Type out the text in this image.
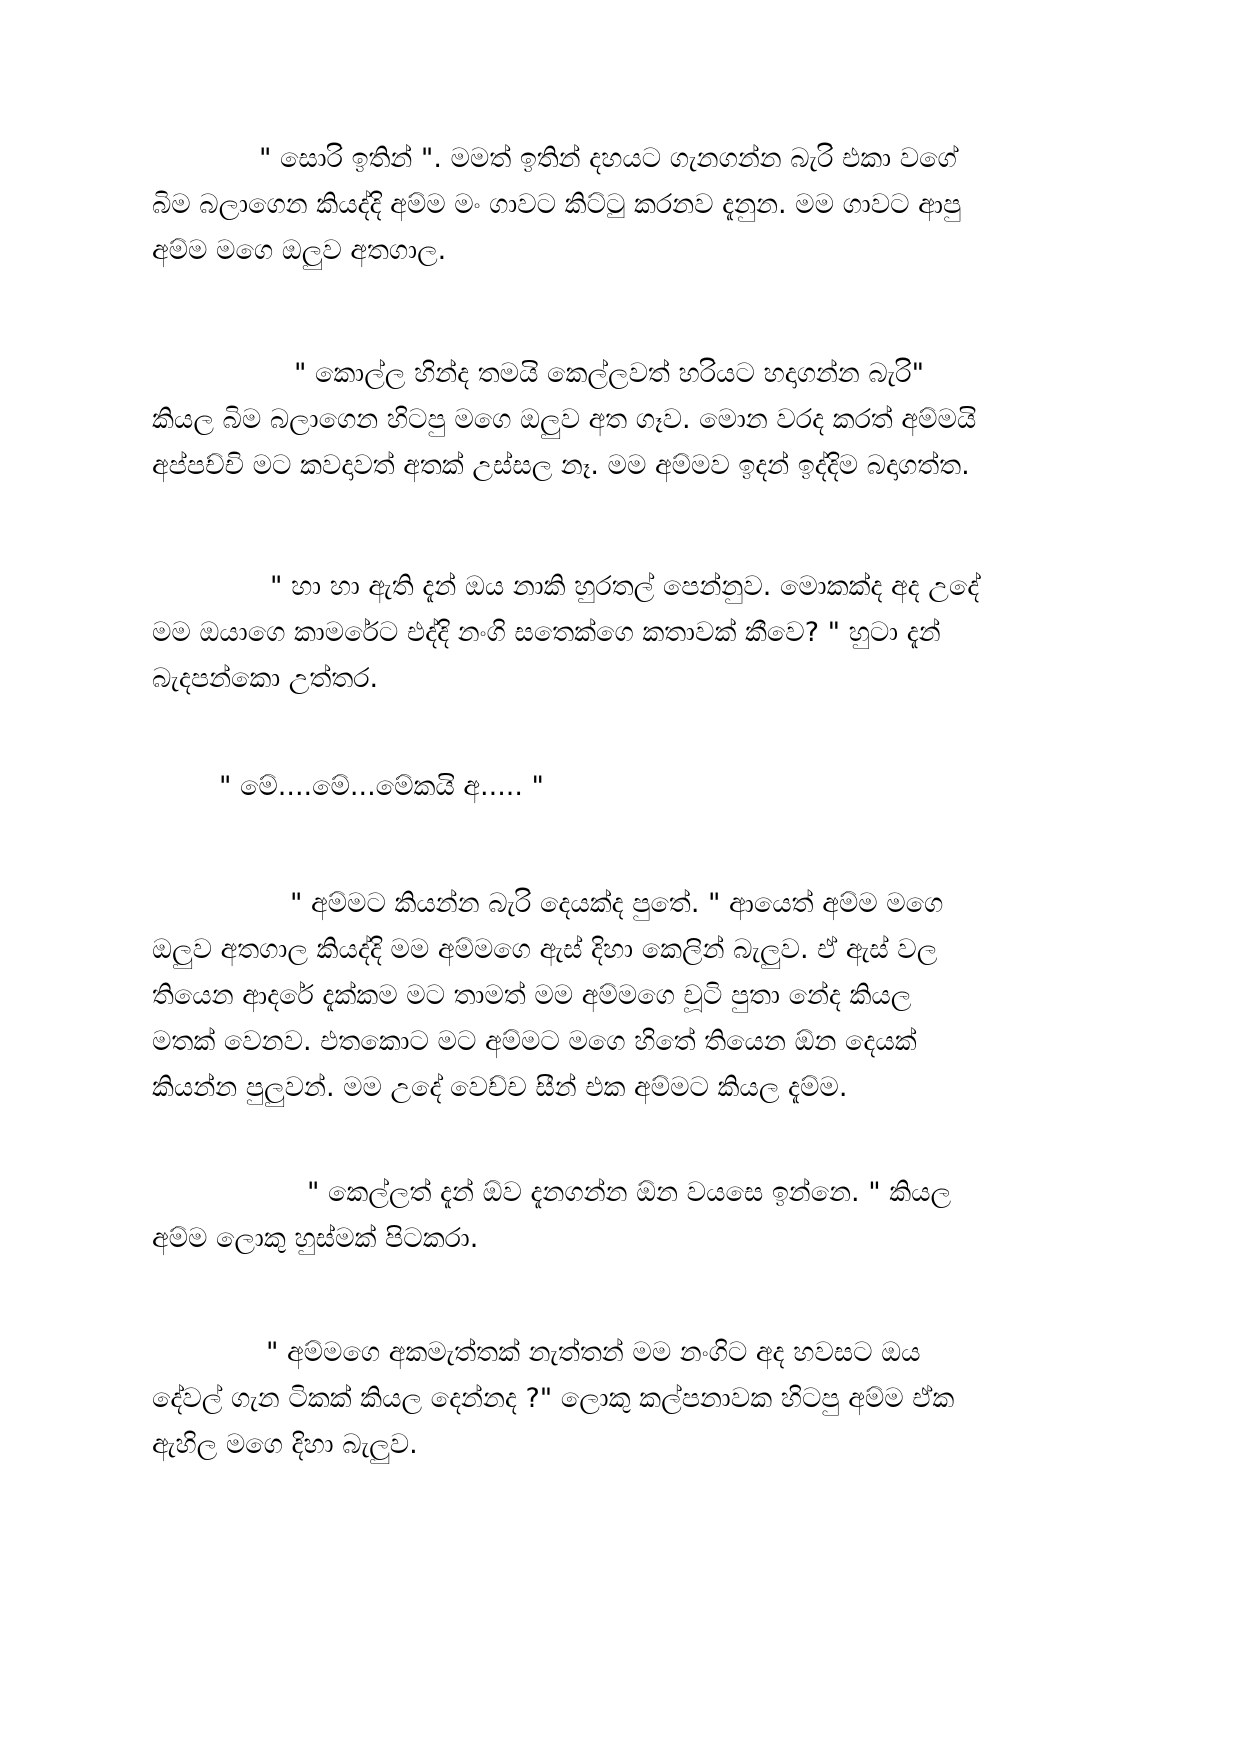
" සොරි ඉතින් ". මමත් ඉතින් දහයට ගැනගන්න බැරි එකා වගේ
බිම බලාගෙන කියද්දි අම්ම මං ගාවට කිට්ටු කරනව දැනුන. මම ගාවට ආපු
අම්ම මගෙ ඔලුව අතගාල.

" කොල්ල හින්ද තමයි කෙල්ලවත් හරියට හදාගන්න බැරි"
කියල බිම බලාගෙන හිටපු මගෙ ඔලුව අත ගෑව. මොන වරද කරත් අම්මයි
අප්පච්චි මට කවදාවත් අතක් උස්සල නෑ. මම අම්මව ඉදන් ඉද්දිම බදාගත්ත.

" හා හා ඇති දැන් ඔය නාකි හුරතල් පෙන්නුව. මොකක්ද අද උදේ
මම ඔයාගෙ කාමරේට එද්දි නංගි සතෙක්ගෙ කතාවක් කීවෙ? " හුටා දැන්
බැදපන්කො උත්තර.

" මේ....මේ...මේකයි අ..... "

" අම්මට කියන්න බැරි දෙයක්ද පුතේ. " ආයෙත් අම්ම මගෙ
ඔලුව අතගාල කියද්දි මම අම්මගෙ ඇස් දිහා කෙලින් බැලුව. ඒ ඇස් වල
තියෙන ආදරේ දැක්කම මට තාමත් මම අම්මගෙ චූටි පුතා නේද කියල
මතක් වෙනව. එතකොට මට අම්මට මගෙ හිතේ තියෙන ඕන දෙයක්
කියන්න පුලුවන්. මම උදේ වෙච්ච සීන් එක අම්මට කියල දැම්ම.

" කෙල්ලත් දැන් ඕව දැනගන්න ඕන වයසෙ ඉන්නෙ. " කියල
අම්ම ලොකු හුස්මක් පිටකරා.

" අම්මගෙ අකමැත්තක් නැත්තන් මම නංගිට අද හවසට ඔය
දේවල් ගැන ටිකක් කියල දෙන්නද ?" ලොකු කල්පනාවක හිටපු අම්ම ඒක
ඇහිල මගෙ දිහා බැලුව.
